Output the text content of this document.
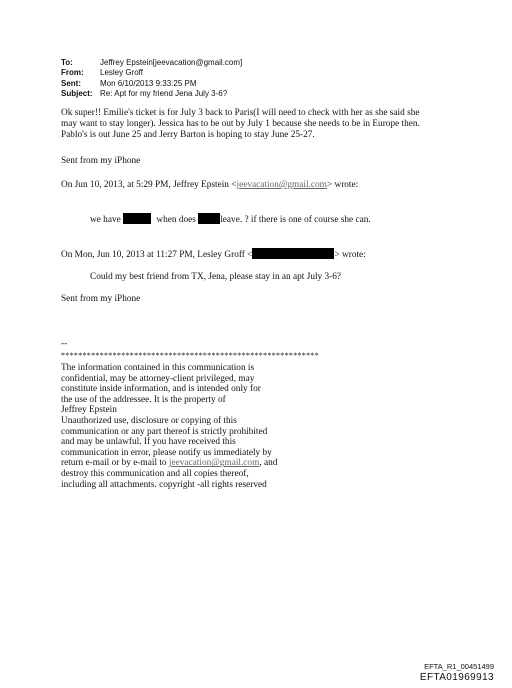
To:	Jeffrey Epstein[jeevacation@gmail.com]
From:	Lesley Groff
Sent:	Mon 6/10/2013 9:33:25 PM
Subject: Re: Apt for my friend Jena July 3-6?
Ok super!! Emilie's ticket is for July 3 back to Paris(I will need to check with her as she said she
may want to stay longer). Jessica has to be out by July 1 because she needs to be in Europe then.
Pablo's is out June 25 and Jerry Barton is hoping to stay June 25-27.
Sent from my iPhone
On Jun 10, 2013, at 5:29 PM, Jeffrey Epstein <jeevacation@gmail.com> wrote:
we have	when does	leave. ? if there is one of course she can.
On Mon, Jun 10, 2013 at 11:27 PM, Lesley Groff <	> wrote:
Could my best friend from TX, Jena, please stay in an apt July 3-6?
Sent from my iPhone
--
************************************************************
The information contained in this communication is
confidential, may be attorney-client privileged, may
constitute inside information, and is intended only for
the use of the addressee. It is the property of
Jeffrey Epstein
Unauthorized use, disclosure or copying of this
communication or any part thereof is strictly prohibited
and may be unlawful. If you have received this
communication in error, please notify us immediately by
return e-mail or by e-mail to jeevacation@gmail.com, and
destroy this communication and all copies thereof,
including all attachments. copyright -all rights reserved
EFTA_R1_00451499
EFTA01969913
